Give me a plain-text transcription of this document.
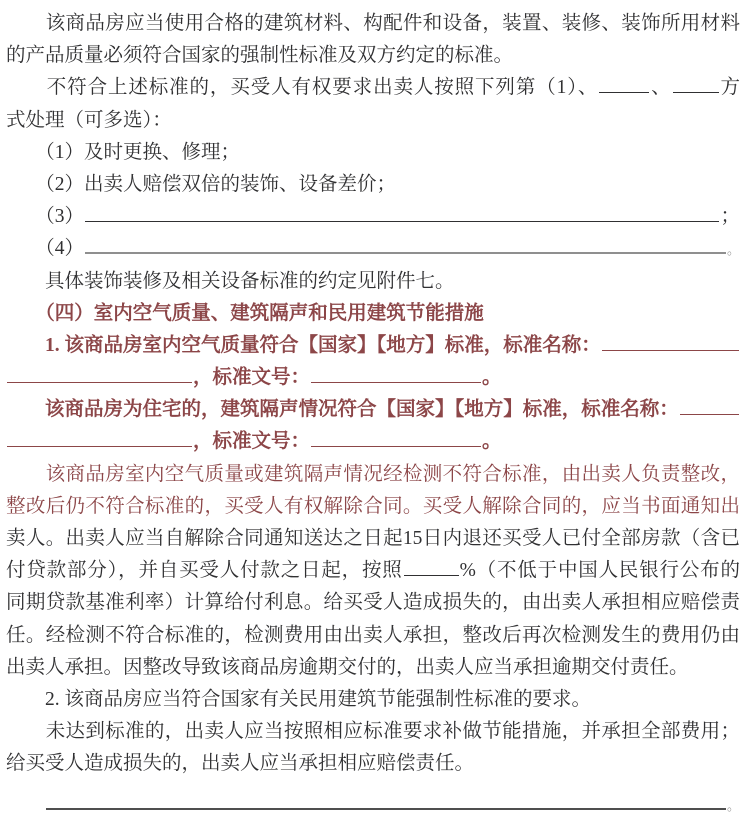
　　该商品房应当使用合格的建筑材料、构配件和设备，装置、装修、装饰所用材料
的产品质量必须符合国家的强制性标准及双方约定的标准。
　　不符合上述标准的，买受人有权要求出卖人按照下列第（1）、	、 方
式处理（可多选）：
　　（1）及时更换、修理；
　　（2）出卖人赔偿双倍的装饰、设备差价；
　　（3）	；
　　（4）	。
　　具体装饰装修及相关设备标准的约定见附件七。
　　（四）室内空气质量、建筑隔声和民用建筑节能措施
　　1. 该商品房室内空气质量符合【国家】【地方】标准，标准名称：
，标准文号：	。
　　该商品房为住宅的，建筑隔声情况符合【国家】【地方】标准，标准名称：
，标准文号：	。
　　该商品房室内空气质量或建筑隔声情况经检测不符合标准，由出卖人负责整改，
整改后仍不符合标准的，买受人有权解除合同。买受人解除合同的，应当书面通知出
卖人。出卖人应当自解除合同通知送达之日起15日内退还买受人已付全部房款（含已
付贷款部分），并自买受人付款之日起，按照	%（不低于中国人民银行公布的
同期贷款基准利率）计算给付利息。给买受人造成损失的，由出卖人承担相应赔偿责
任。经检测不符合标准的，检测费用由出卖人承担，整改后再次检测发生的费用仍由
出卖人承担。因整改导致该商品房逾期交付的，出卖人应当承担逾期交付责任。
　　2. 该商品房应当符合国家有关民用建筑节能强制性标准的要求。
　　未达到标准的，出卖人应当按照相应标准要求补做节能措施，并承担全部费用；
给买受人造成损失的，出卖人应当承担相应赔偿责任。

。
